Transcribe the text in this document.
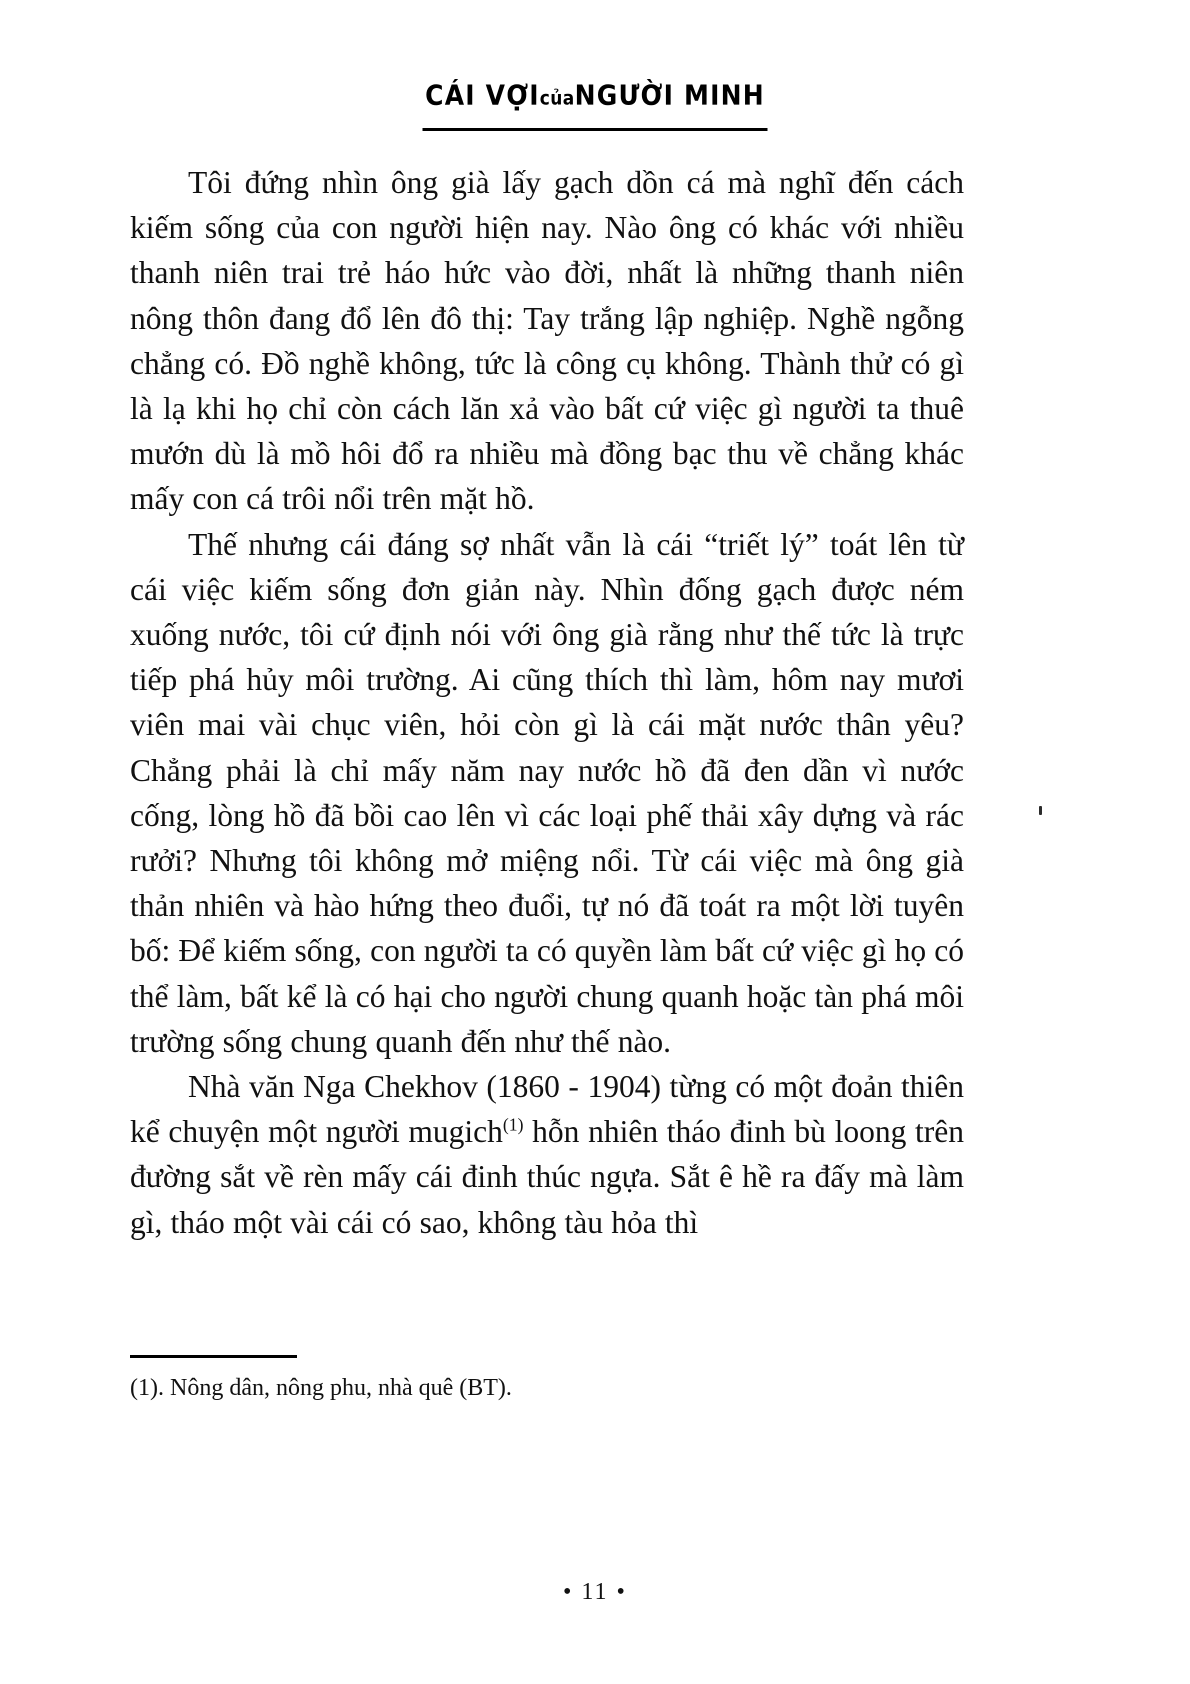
CÁI VỢIcủaNGƯỜI MINH

Tôi đứng nhìn ông già lấy gạch dồn cá mà nghĩ đến cách kiếm sống của con người hiện nay. Nào ông có khác với nhiều thanh niên trai trẻ háo hức vào đời, nhất là những thanh niên nông thôn đang đổ lên đô thị: Tay trắng lập nghiệp. Nghề ngỗng chẳng có. Đồ nghề không, tức là công cụ không. Thành thử có gì là lạ khi họ chỉ còn cách lăn xả vào bất cứ việc gì người ta thuê mướn dù là mồ hôi đổ ra nhiều mà đồng bạc thu về chẳng khác mấy con cá trôi nổi trên mặt hồ.

Thế nhưng cái đáng sợ nhất vẫn là cái “triết lý” toát lên từ cái việc kiếm sống đơn giản này. Nhìn đống gạch được ném xuống nước, tôi cứ định nói với ông già rằng như thế tức là trực tiếp phá hủy môi trường. Ai cũng thích thì làm, hôm nay mươi viên mai vài chục viên, hỏi còn gì là cái mặt nước thân yêu? Chẳng phải là chỉ mấy năm nay nước hồ đã đen dần vì nước cống, lòng hồ đã bồi cao lên vì các loại phế thải xây dựng và rác rưởi? Nhưng tôi không mở miệng nổi. Từ cái việc mà ông già thản nhiên và hào hứng theo đuổi, tự nó đã toát ra một lời tuyên bố: Để kiếm sống, con người ta có quyền làm bất cứ việc gì họ có thể làm, bất kể là có hại cho người chung quanh hoặc tàn phá môi trường sống chung quanh đến như thế nào.

Nhà văn Nga Chekhov (1860 - 1904) từng có một đoản thiên kể chuyện một người mugich$^{(1)}$ hỗn nhiên tháo đinh bù loong trên đường sắt về rèn mấy cái đinh thúc ngựa. Sắt ê hề ra đấy mà làm gì, tháo một vài cái có sao, không tàu hỏa thì

(1). Nông dân, nông phu, nhà quê (BT).
• 11 •
